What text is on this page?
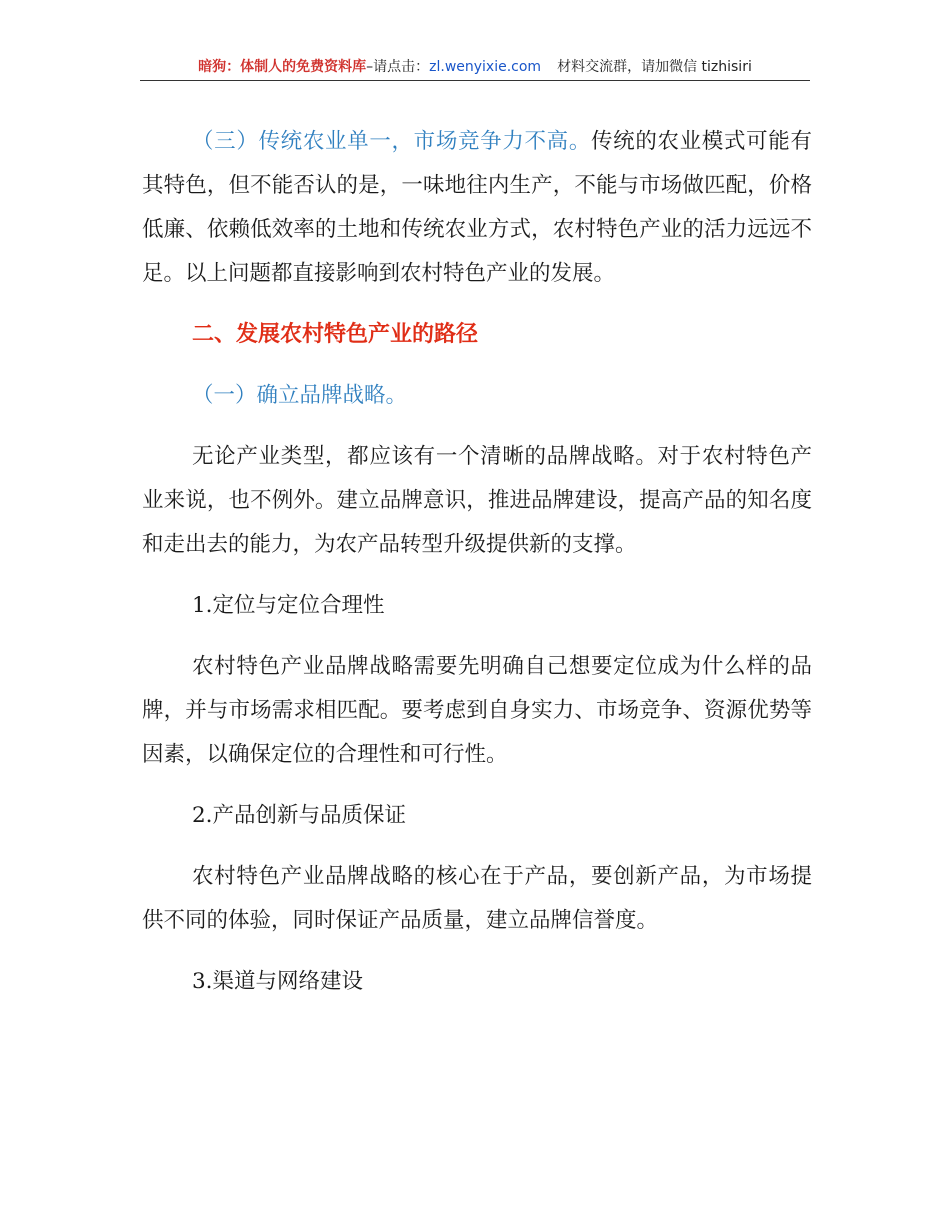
暗狗：体制人的免费资料库–请点击：zl.wenyixie.com 材料交流群，请加微信 tizhisiri

（三）传统农业单一，市场竞争力不高。传统的农业模式可能有其特色，但不能否认的是，一味地往内生产，不能与市场做匹配，价格低廉、依赖低效率的土地和传统农业方式，农村特色产业的活力远远不足。以上问题都直接影响到农村特色产业的发展。

二、发展农村特色产业的路径

（一）确立品牌战略。

无论产业类型，都应该有一个清晰的品牌战略。对于农村特色产业来说，也不例外。建立品牌意识，推进品牌建设，提高产品的知名度和走出去的能力，为农产品转型升级提供新的支撑。

1.定位与定位合理性

农村特色产业品牌战略需要先明确自己想要定位成为什么样的品牌，并与市场需求相匹配。要考虑到自身实力、市场竞争、资源优势等因素，以确保定位的合理性和可行性。

2.产品创新与品质保证

农村特色产业品牌战略的核心在于产品，要创新产品，为市场提供不同的体验，同时保证产品质量，建立品牌信誉度。

3.渠道与网络建设
